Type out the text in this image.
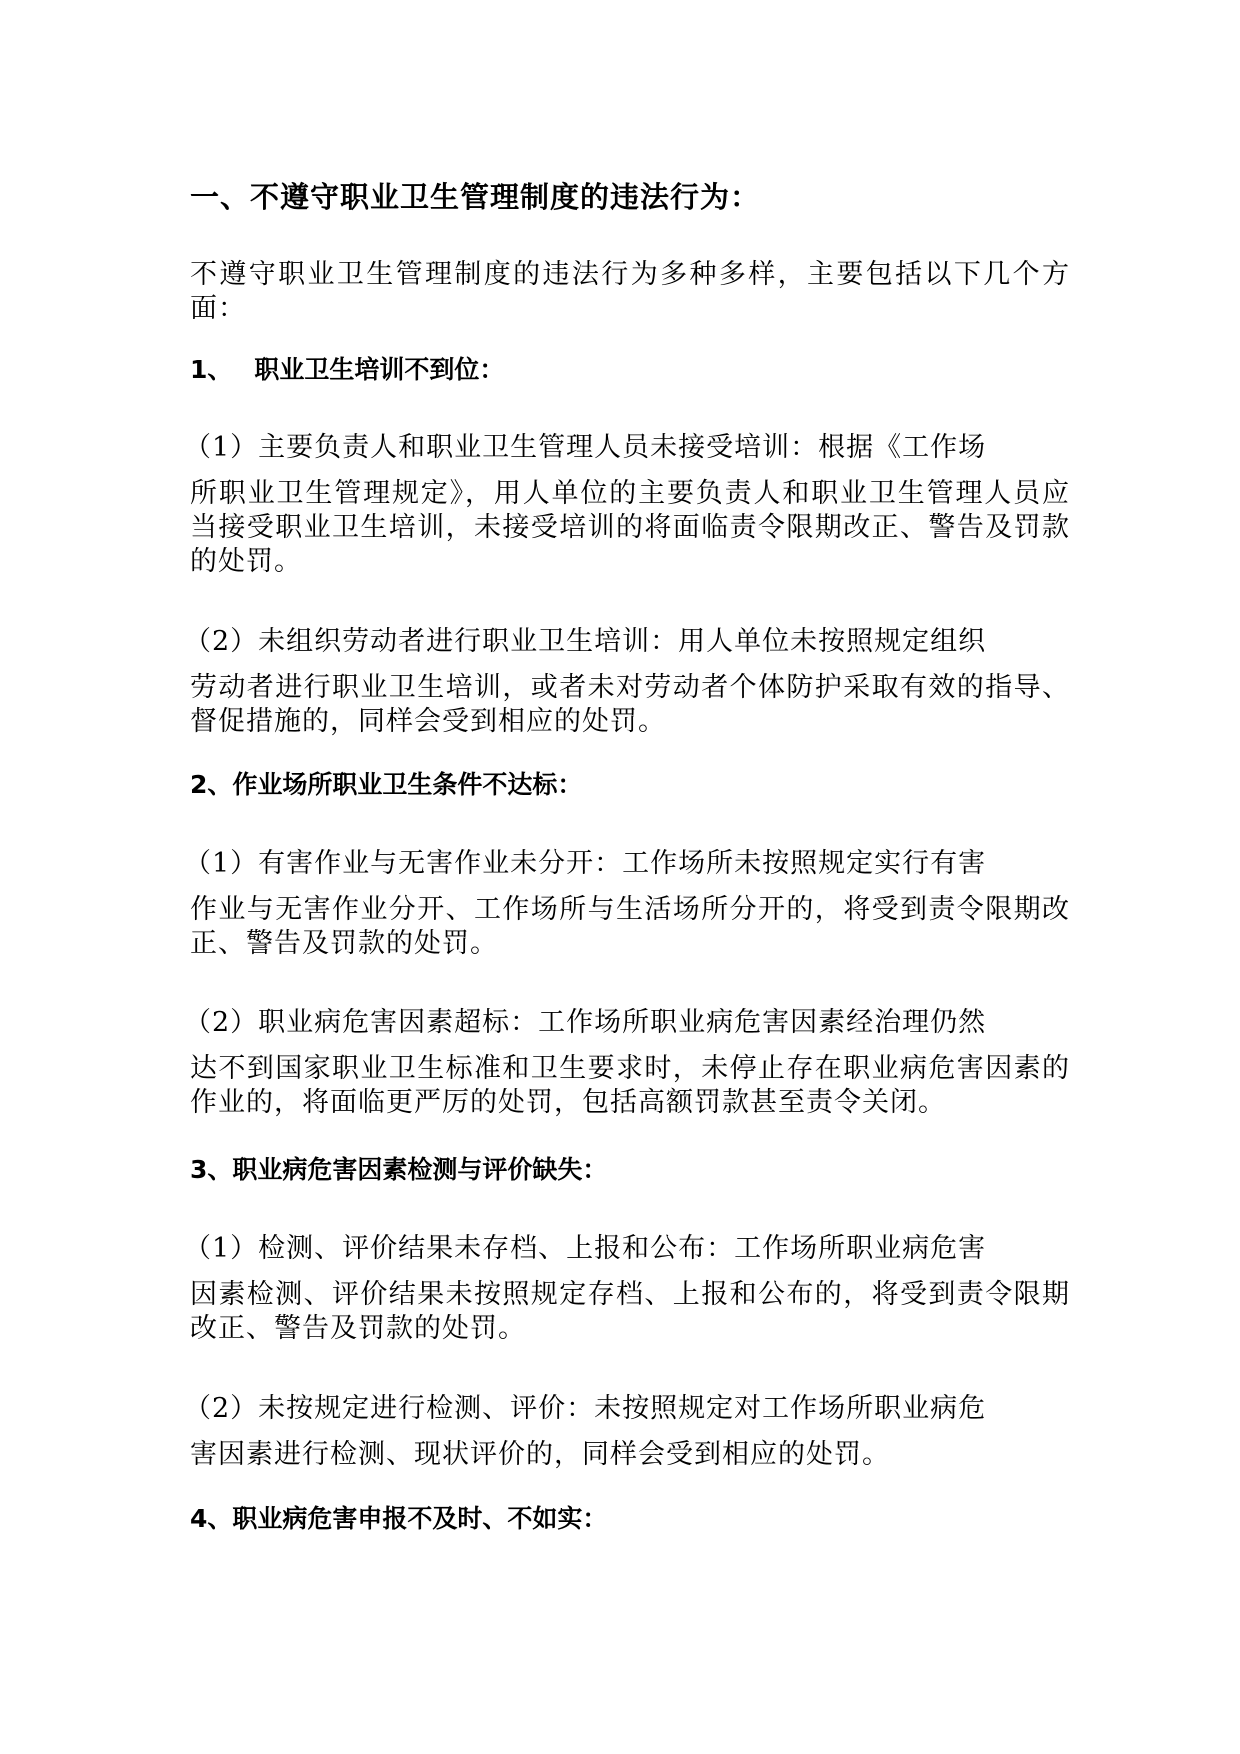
一、不遵守职业卫生管理制度的违法行为：

不遵守职业卫生管理制度的违法行为多种多样，主要包括以下几个方面：

1、 职业卫生培训不到位：

（1）主要负责人和职业卫生管理人员未接受培训：根据《工作场
所职业卫生管理规定》，用人单位的主要负责人和职业卫生管理人员应当接受职业卫生培训，未接受培训的将面临责令限期改正、警告及罚款的处罚。

（2）未组织劳动者进行职业卫生培训：用人单位未按照规定组织
劳动者进行职业卫生培训，或者未对劳动者个体防护采取有效的指导、督促措施的，同样会受到相应的处罚。

2、作业场所职业卫生条件不达标：

（1）有害作业与无害作业未分开：工作场所未按照规定实行有害
作业与无害作业分开、工作场所与生活场所分开的，将受到责令限期改正、警告及罚款的处罚。

（2）职业病危害因素超标：工作场所职业病危害因素经治理仍然
达不到国家职业卫生标准和卫生要求时，未停止存在职业病危害因素的作业的，将面临更严厉的处罚，包括高额罚款甚至责令关闭。

3、职业病危害因素检测与评价缺失：

（1）检测、评价结果未存档、上报和公布：工作场所职业病危害
因素检测、评价结果未按照规定存档、上报和公布的，将受到责令限期改正、警告及罚款的处罚。

（2）未按规定进行检测、评价：未按照规定对工作场所职业病危
害因素进行检测、现状评价的，同样会受到相应的处罚。

4、职业病危害申报不及时、不如实：
